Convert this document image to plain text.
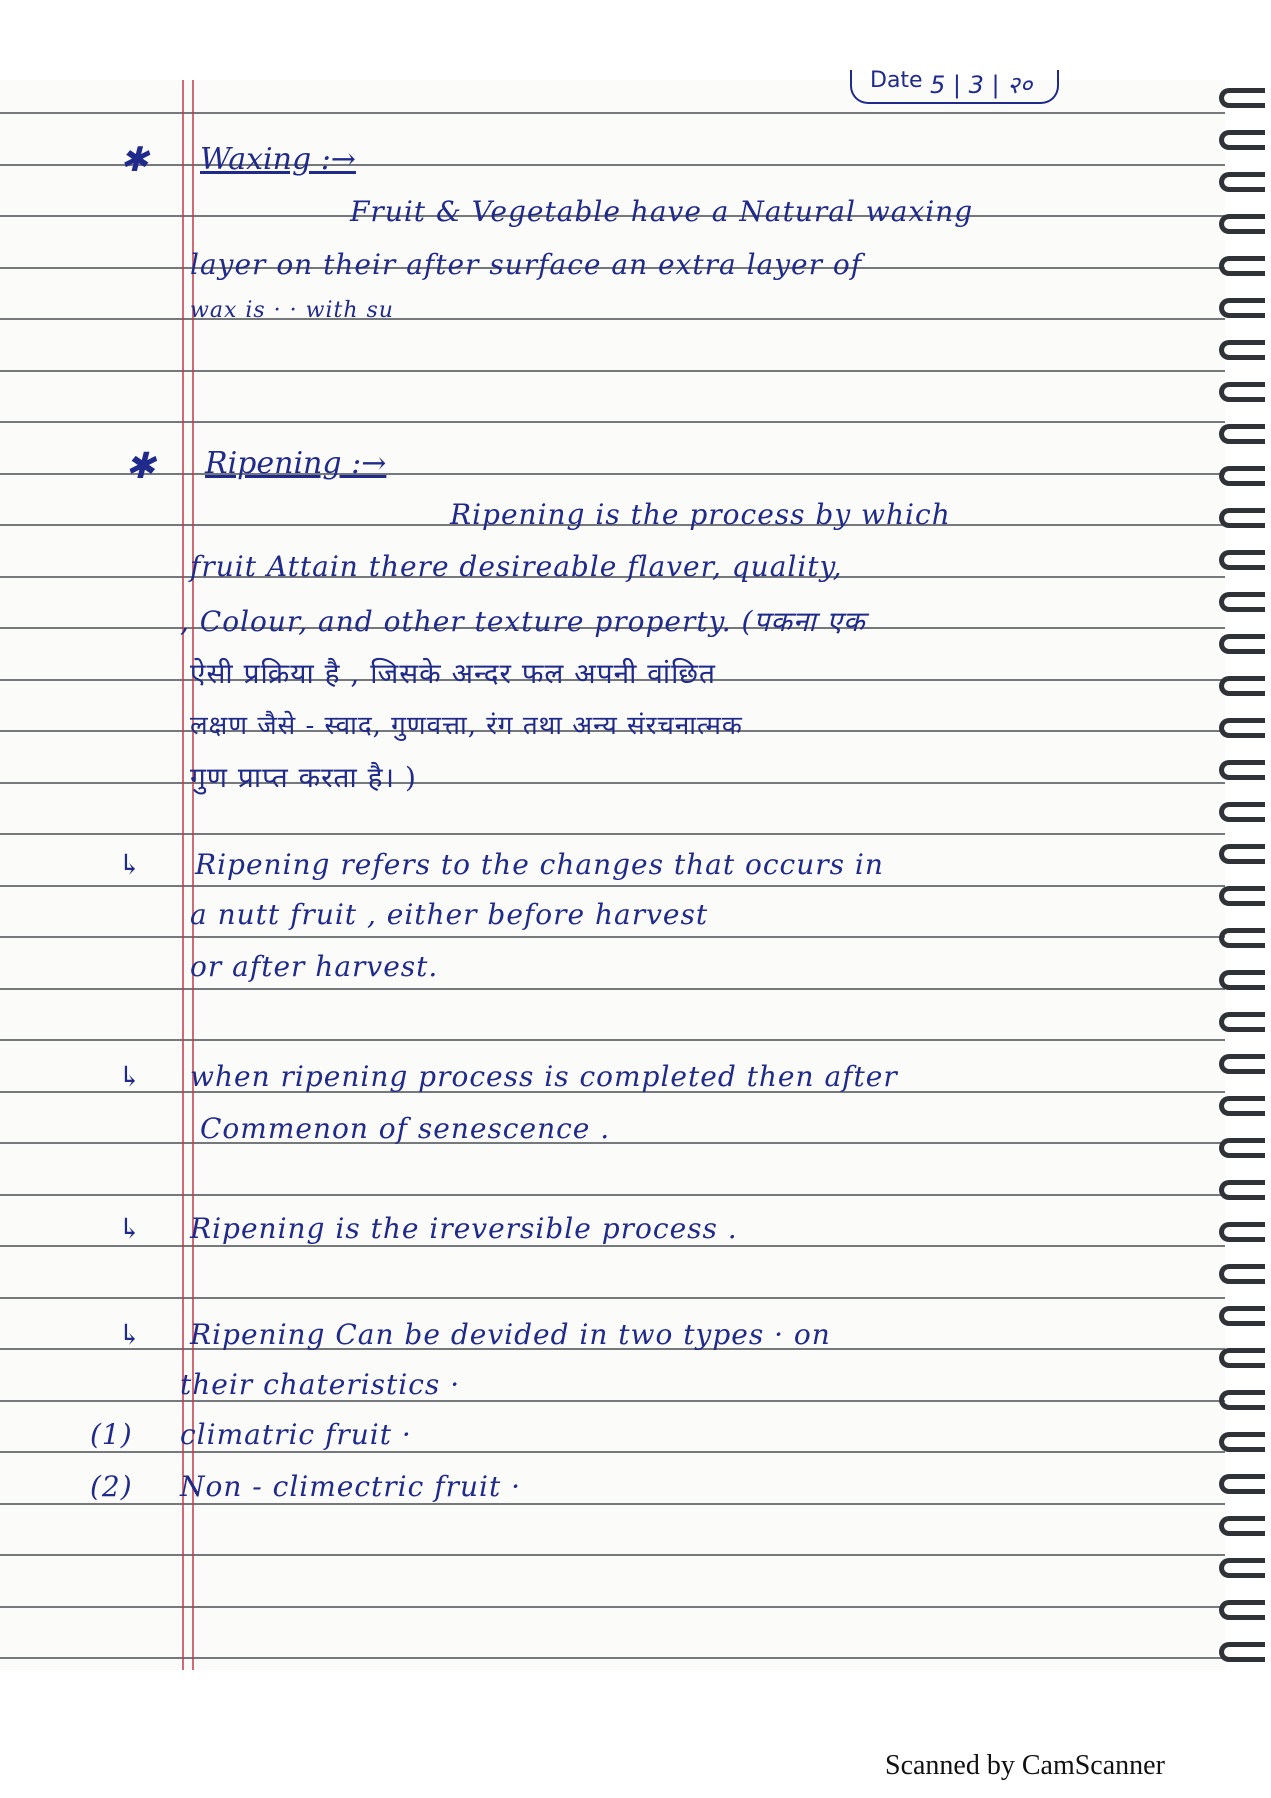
Date 5 | 3 | २०
✱ Waxing :→
Fruit & Vegetable have a Natural waxing
layer on their after surface an extra layer of
wax is · · with su
✱ Ripening :→
Ripening is the process by which
fruit Attain there desireable flaver, quality,
, Colour, and other texture property. (पकना एक
ऐसी प्रक्रिया है , जिसके अन्दर फल अपनी वांछित
लक्षण जैसे - स्वाद, गुणवत्ता, रंग तथा अन्य संरचनात्मक
गुण प्राप्त करता है। )
↳ Ripening refers to the changes that occurs in
a nutt fruit , either before harvest
or after harvest.
↳ when ripening process is completed then after
Commenon of senescence .
↳ Ripening is the ireversible process .
↳ Ripening Can be devided in two types · on
their chateristics ·
(1) climatric fruit ·
(2) Non - climectric fruit ·
Scanned by CamScanner
